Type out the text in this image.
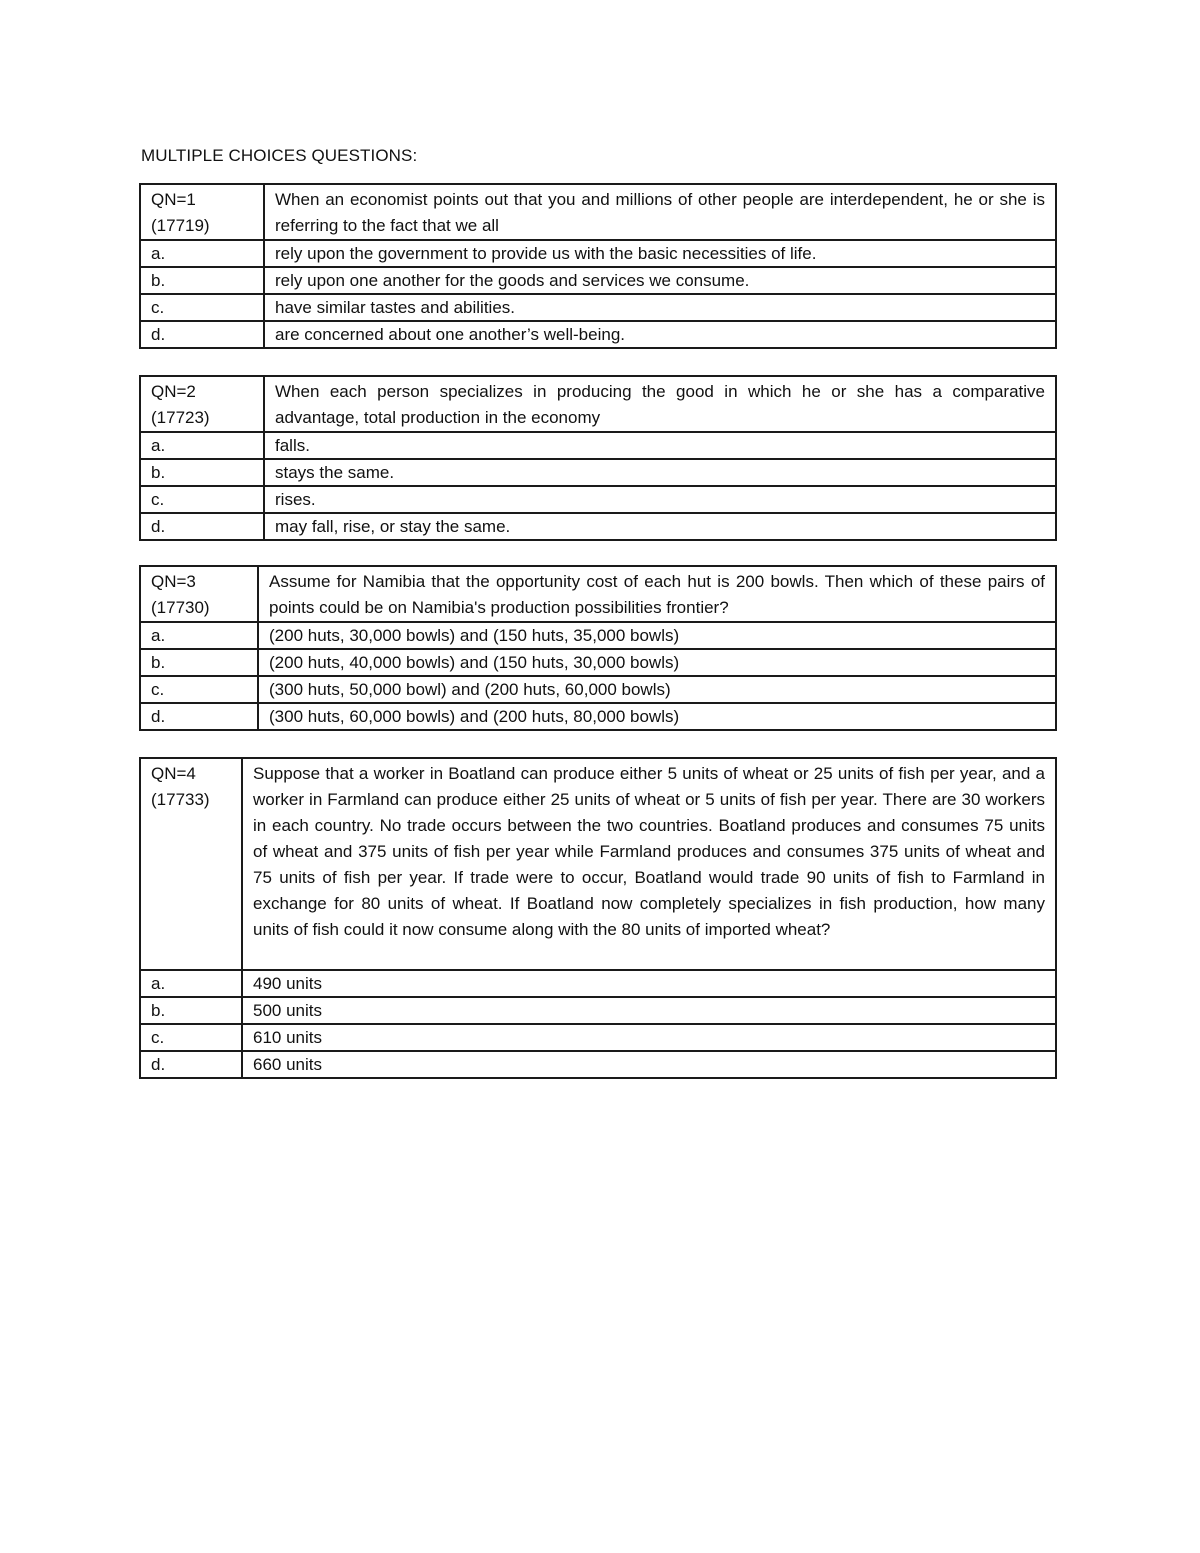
MULTIPLE CHOICES QUESTIONS:
QN=1
(17719)	When an economist points out that you and millions of other people are interdependent, he or she is referring to the fact that we all
a.	rely upon the government to provide us with the basic necessities of life.
b.	rely upon one another for the goods and services we consume.
c.	have similar tastes and abilities.
d.	are concerned about one another’s well-being.
QN=2
(17723)	When each person specializes in producing the good in which he or she has a comparative advantage, total production in the economy
a.	falls.
b.	stays the same.
c.	rises.
d.	may fall, rise, or stay the same.
QN=3
(17730)	Assume for Namibia that the opportunity cost of each hut is 200 bowls. Then which of these pairs of points could be on Namibia's production possibilities frontier?
a.	(200 huts, 30,000 bowls) and (150 huts, 35,000 bowls)
b.	(200 huts, 40,000 bowls) and (150 huts, 30,000 bowls)
c.	(300 huts, 50,000 bowl) and (200 huts, 60,000 bowls)
d.	(300 huts, 60,000 bowls) and (200 huts, 80,000 bowls)
QN=4
(17733)	Suppose that a worker in Boatland can produce either 5 units of wheat or 25 units of fish per year, and a worker in Farmland can produce either 25 units of wheat or 5 units of fish per year. There are 30 workers in each country. No trade occurs between the two countries. Boatland produces and consumes 75 units of wheat and 375 units of fish per year while Farmland produces and consumes 375 units of wheat and 75 units of fish per year. If trade were to occur, Boatland would trade 90 units of fish to Farmland in exchange for 80 units of wheat. If Boatland now completely specializes in fish production, how many units of fish could it now consume along with the 80 units of imported wheat?
a.	490 units
b.	500 units
c.	610 units
d.	660 units
